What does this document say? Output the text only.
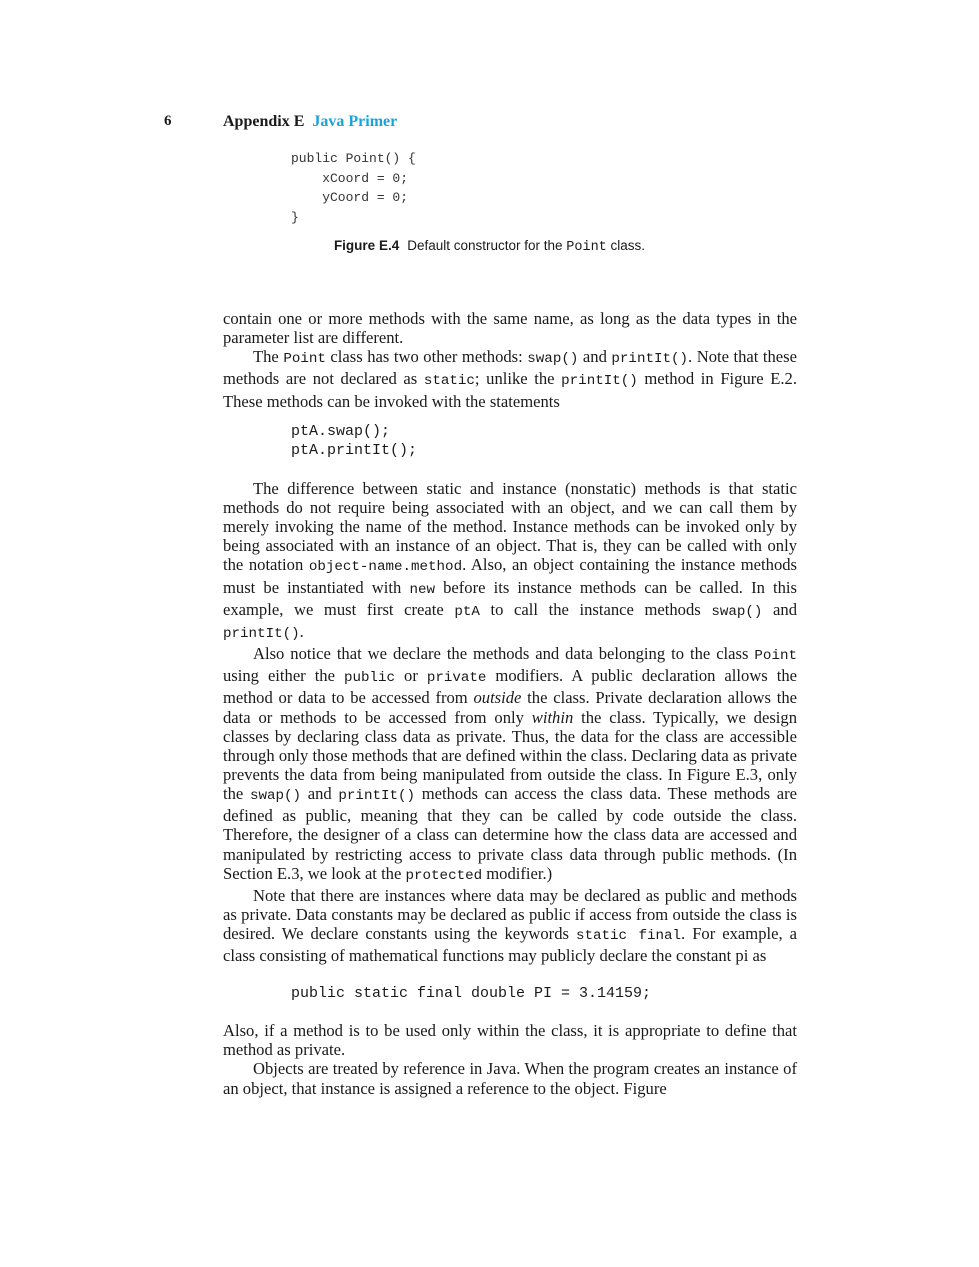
6	Appendix E Java Primer
public Point() {
xCoord = 0;
yCoord = 0;
}
Figure E.4 Default constructor for the Point class.

contain one or more methods with the same name, as long as the data types in the parameter list are different.

The Point class has two other methods: swap() and printIt(). Note that these methods are not declared as static; unlike the printIt() method in Figure E.2. These methods can be invoked with the statements

ptA.swap();
ptA.printIt();

The difference between static and instance (nonstatic) methods is that static methods do not require being associated with an object, and we can call them by merely invoking the name of the method. Instance methods can be invoked only by being associated with an instance of an object. That is, they can be called with only the notation object-name.method. Also, an object containing the instance methods must be instantiated with new before its instance methods can be called. In this example, we must first create ptA to call the instance methods swap() and printIt().

Also notice that we declare the methods and data belonging to the class Point using either the public or private modifiers. A public declaration allows the method or data to be accessed from outside the class. Private declaration allows the data or methods to be accessed from only within the class. Typically, we design classes by declaring class data as private. Thus, the data for the class are accessible through only those methods that are defined within the class. Declaring data as private prevents the data from being manipulated from outside the class. In Figure E.3, only the swap() and printIt() methods can access the class data. These methods are defined as public, meaning that they can be called by code outside the class. Therefore, the designer of a class can determine how the class data are accessed and manipulated by restricting access to private class data through public methods. (In Section E.3, we look at the protected modifier.)

Note that there are instances where data may be declared as public and methods as private. Data constants may be declared as public if access from outside the class is desired. We declare constants using the keywords static final. For example, a class consisting of mathematical functions may publicly declare the constant pi as

public static final double PI = 3.14159;

Also, if a method is to be used only within the class, it is appropriate to define that method as private.

Objects are treated by reference in Java. When the program creates an instance of an object, that instance is assigned a reference to the object. Figure
